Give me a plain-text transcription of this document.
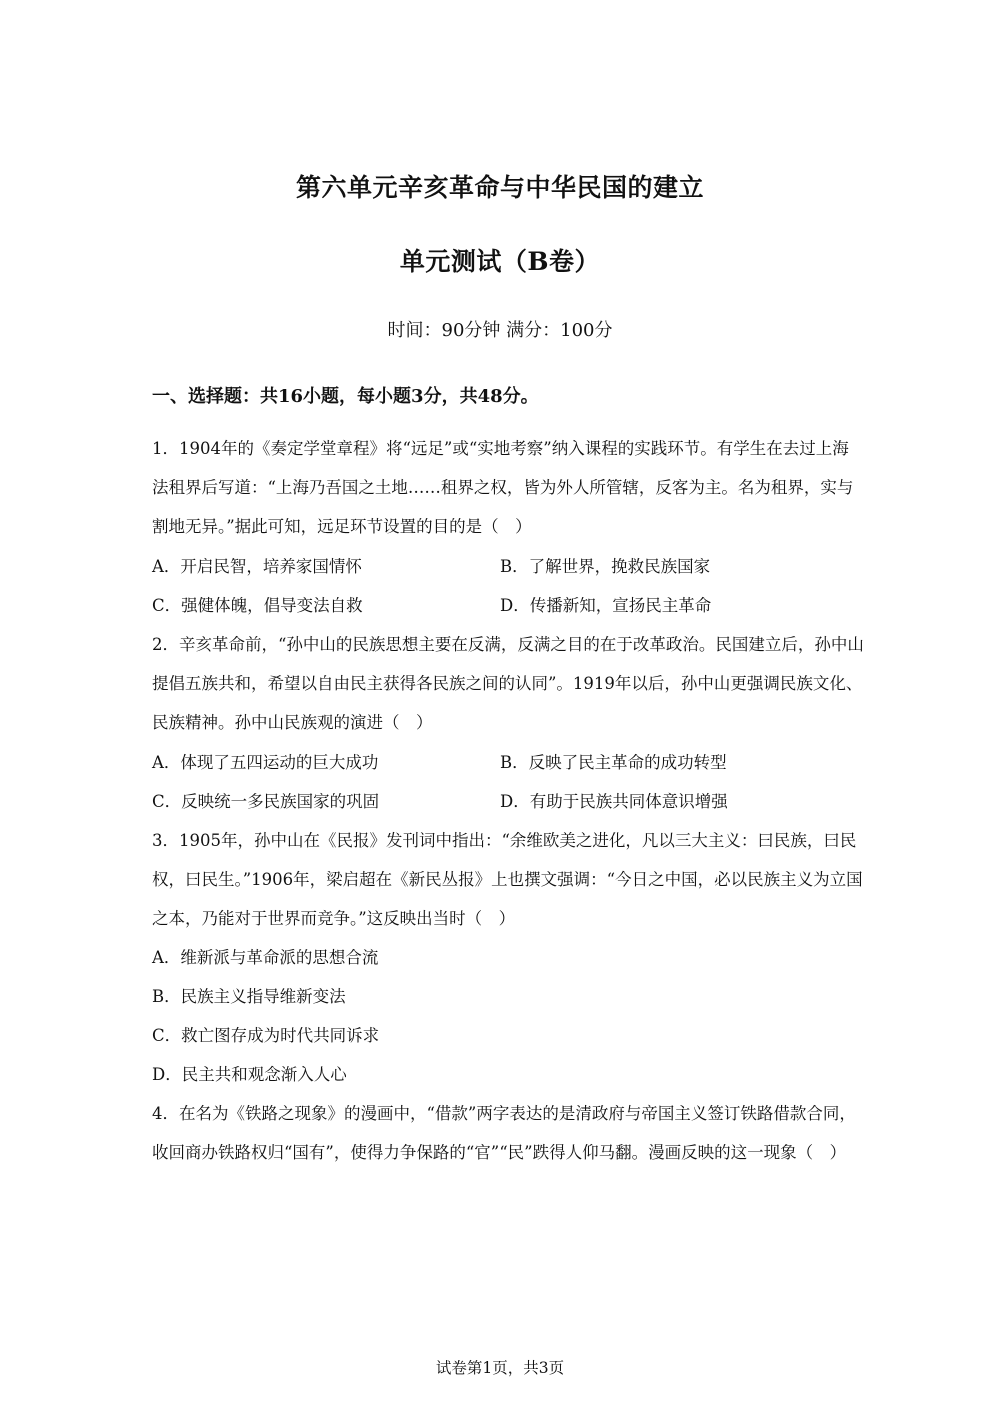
第六单元辛亥革命与中华民国的建立
单元测试（B卷）
时间：90分钟 满分：100分
一、选择题：共16小题，每小题3分，共48分。

1．1904年的《奏定学堂章程》将“远足”或“实地考察”纳入课程的实践环节。有学生在去过上海法租界后写道：“上海乃吾国之土地……租界之权，皆为外人所管辖，反客为主。名为租界，实与割地无异。”据此可知，远足环节设置的目的是（　）

A．开启民智，培养家国情怀	B．了解世界，挽救民族国家
C．强健体魄，倡导变法自救	D．传播新知，宣扬民主革命

2．辛亥革命前，“孙中山的民族思想主要在反满，反满之目的在于改革政治。民国建立后，孙中山提倡五族共和，希望以自由民主获得各民族之间的认同”。1919年以后，孙中山更强调民族文化、民族精神。孙中山民族观的演进（　）

A．体现了五四运动的巨大成功	B．反映了民主革命的成功转型
C．反映统一多民族国家的巩固	D．有助于民族共同体意识增强

3．1905年，孙中山在《民报》发刊词中指出：“余维欧美之进化，凡以三大主义：曰民族，曰民权，曰民生。”1906年，梁启超在《新民丛报》上也撰文强调：“今日之中国，必以民族主义为立国之本，乃能对于世界而竞争。”这反映出当时（　）

A．维新派与革命派的思想合流
B．民族主义指导维新变法
C．救亡图存成为时代共同诉求
D．民主共和观念渐入人心

4．在名为《铁路之现象》的漫画中，“借款”两字表达的是清政府与帝国主义签订铁路借款合同，收回商办铁路权归“国有”，使得力争保路的“官”“民”跌得人仰马翻。漫画反映的这一现象（　）

试卷第1页，共3页
